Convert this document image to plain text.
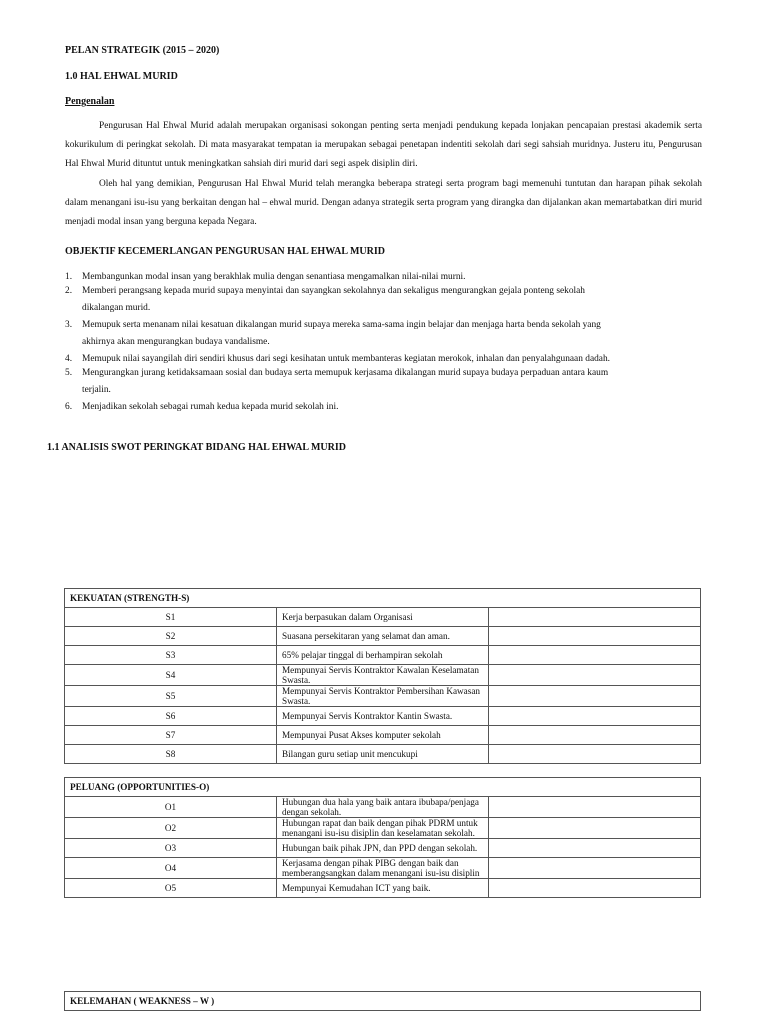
PELAN STRATEGIK (2015 – 2020)
1.0 HAL EHWAL MURID
Pengenalan
Pengurusan Hal Ehwal Murid adalah merupakan organisasi sokongan penting serta menjadi pendukung kepada lonjakan pencapaian prestasi akademik serta kokurikulum di peringkat sekolah. Di mata masyarakat tempatan ia merupakan sebagai penetapan indentiti sekolah dari segi sahsiah muridnya. Justeru itu, Pengurusan Hal Ehwal Murid dituntut untuk meningkatkan sahsiah diri murid dari segi aspek disiplin diri.
Oleh hal yang demikian, Pengurusan Hal Ehwal Murid telah merangka beberapa strategi serta program bagi memenuhi tuntutan dan harapan pihak sekolah dalam menangani isu-isu yang berkaitan dengan hal – ehwal murid. Dengan adanya strategik serta program yang dirangka dan dijalankan akan memartabatkan diri murid menjadi modal insan yang berguna kepada Negara.
OBJEKTIF KECEMERLANGAN PENGURUSAN HAL EHWAL MURID
1. Membangunkan modal insan yang berakhlak mulia dengan senantiasa mengamalkan nilai-nilai murni.
2. Memberi perangsang kepada murid supaya menyintai dan sayangkan sekolahnya dan sekaligus mengurangkan gejala ponteng sekolah
dikalangan murid.
3. Memupuk serta menanam nilai kesatuan dikalangan murid supaya mereka sama-sama ingin belajar dan menjaga harta benda sekolah yang
akhirnya akan mengurangkan budaya vandalisme.
4. Memupuk nilai sayangilah diri sendiri khusus dari segi kesihatan untuk membanteras kegiatan merokok, inhalan dan penyalahgunaan dadah.
5. Mengurangkan jurang ketidaksamaan sosial dan budaya serta memupuk kerjasama dikalangan murid supaya budaya perpaduan antara kaum
terjalin.
6. Menjadikan sekolah sebagai rumah kedua kepada murid sekolah ini.
1.1 ANALISIS SWOT PERINGKAT BIDANG HAL EHWAL MURID
KEKUATAN (STRENGTH-S)		
S1	Kerja berpasukan dalam Organisasi	
S2	Suasana persekitaran yang selamat dan aman.	
S3	65% pelajar tinggal di berhampiran sekolah	
S4	Mempunyai Servis Kontraktor Kawalan Keselamatan Swasta.	
S5	Mempunyai Servis Kontraktor Pembersihan Kawasan Swasta.	
S6	Mempunyai Servis Kontraktor Kantin Swasta.	
S7	Mempunyai Pusat Akses komputer sekolah	
S8	Bilangan guru setiap unit mencukupi	
PELUANG (OPPORTUNITIES-O)		
O1	Hubungan dua hala yang baik antara ibubapa/penjaga dengan sekolah.	
O2	Hubungan rapat dan baik dengan pihak PDRM untuk menangani isu-isu disiplin dan keselamatan sekolah.	
O3	Hubungan baik pihak JPN, dan PPD dengan sekolah.	
O4	Kerjasama dengan pihak PIBG dengan baik dan memberangsangkan dalam menangani isu-isu disiplin	
O5	Mempunyai Kemudahan ICT yang baik.	
KELEMAHAN ( WEAKNESS – W )
